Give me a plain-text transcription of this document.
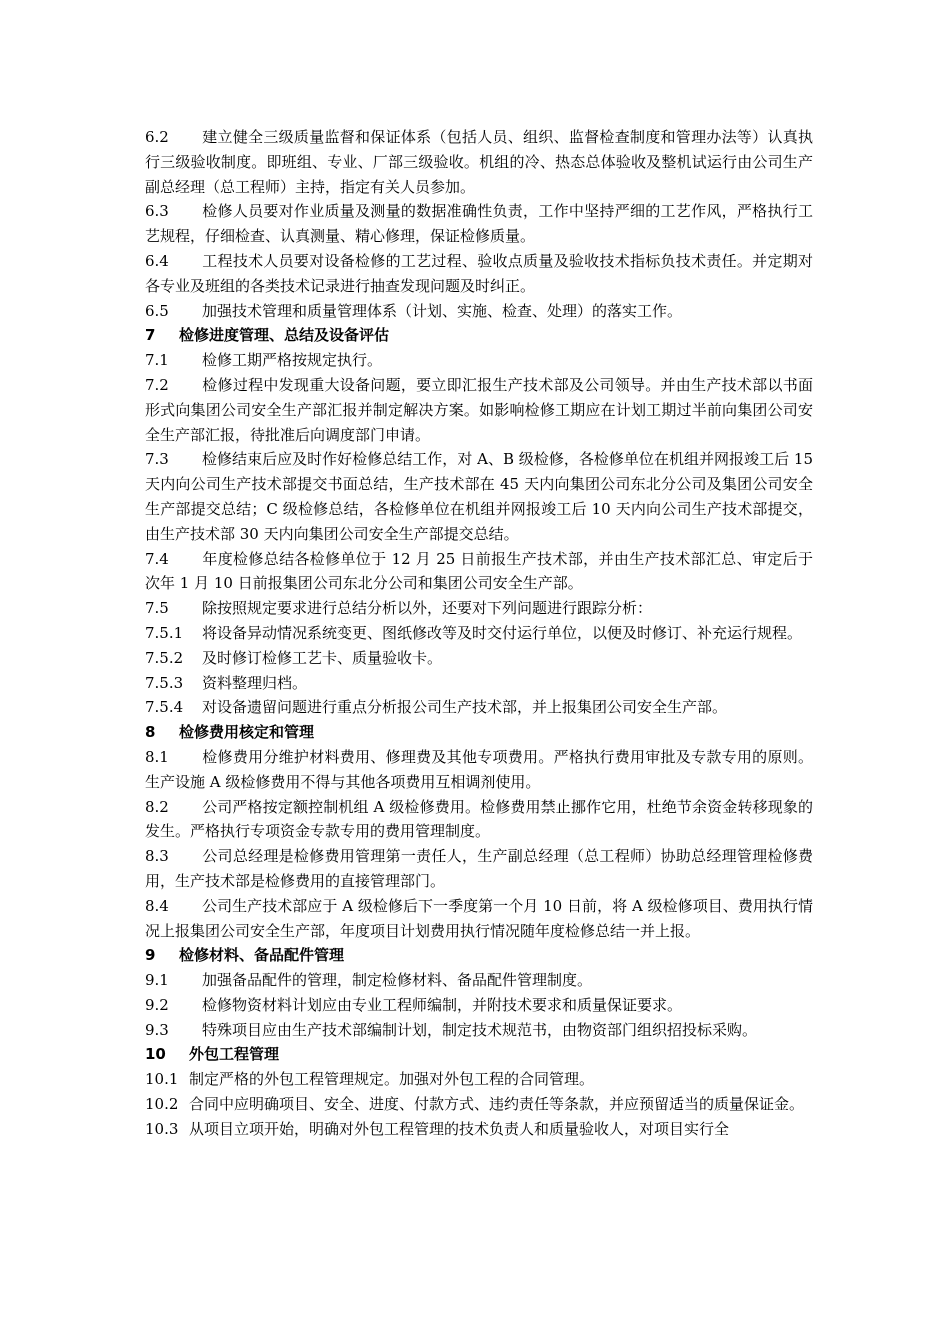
6.2 建立健全三级质量监督和保证体系（包括人员、组织、监督检查制度和管理办法等）认真执行三级验收制度。即班组、专业、厂部三级验收。机组的冷、热态总体验收及整机试运行由公司生产副总经理（总工程师）主持，指定有关人员参加。

6.3 检修人员要对作业质量及测量的数据准确性负责，工作中坚持严细的工艺作风，严格执行工艺规程，仔细检查、认真测量、精心修理，保证检修质量。

6.4 工程技术人员要对设备检修的工艺过程、验收点质量及验收技术指标负技术责任。并定期对各专业及班组的各类技术记录进行抽查发现问题及时纠正。

6.5 加强技术管理和质量管理体系（计划、实施、检查、处理）的落实工作。

7 检修进度管理、总结及设备评估

7.1 检修工期严格按规定执行。

7.2 检修过程中发现重大设备问题，要立即汇报生产技术部及公司领导。并由生产技术部以书面形式向集团公司安全生产部汇报并制定解决方案。如影响检修工期应在计划工期过半前向集团公司安全生产部汇报，待批准后向调度部门申请。

7.3 检修结束后应及时作好检修总结工作，对 A、B 级检修，各检修单位在机组并网报竣工后 15 天内向公司生产技术部提交书面总结，生产技术部在 45 天内向集团公司东北分公司及集团公司安全生产部提交总结；C 级检修总结，各检修单位在机组并网报竣工后 10 天内向公司生产技术部提交，由生产技术部 30 天内向集团公司安全生产部提交总结。

7.4 年度检修总结各检修单位于 12 月 25 日前报生产技术部，并由生产技术部汇总、审定后于次年 1 月 10 日前报集团公司东北分公司和集团公司安全生产部。

7.5 除按照规定要求进行总结分析以外，还要对下列问题进行跟踪分析：

7.5.1 将设备异动情况系统变更、图纸修改等及时交付运行单位，以便及时修订、补充运行规程。

7.5.2 及时修订检修工艺卡、质量验收卡。

7.5.3 资料整理归档。

7.5.4 对设备遗留问题进行重点分析报公司生产技术部，并上报集团公司安全生产部。

8 检修费用核定和管理

8.1 检修费用分维护材料费用、修理费及其他专项费用。严格执行费用审批及专款专用的原则。生产设施 A 级检修费用不得与其他各项费用互相调剂使用。

8.2 公司严格按定额控制机组 A 级检修费用。检修费用禁止挪作它用，杜绝节余资金转移现象的发生。严格执行专项资金专款专用的费用管理制度。

8.3 公司总经理是检修费用管理第一责任人，生产副总经理（总工程师）协助总经理管理检修费用，生产技术部是检修费用的直接管理部门。

8.4 公司生产技术部应于 A 级检修后下一季度第一个月 10 日前，将 A 级检修项目、费用执行情况上报集团公司安全生产部，年度项目计划费用执行情况随年度检修总结一并上报。

9 检修材料、备品配件管理

9.1 加强备品配件的管理，制定检修材料、备品配件管理制度。

9.2 检修物资材料计划应由专业工程师编制，并附技术要求和质量保证要求。

9.3 特殊项目应由生产技术部编制计划，制定技术规范书，由物资部门组织招投标采购。

10 外包工程管理

10.1 制定严格的外包工程管理规定。加强对外包工程的合同管理。

10.2 合同中应明确项目、安全、进度、付款方式、违约责任等条款，并应预留适当的质量保证金。

10.3 从项目立项开始，明确对外包工程管理的技术负责人和质量验收人，对项目实行全
